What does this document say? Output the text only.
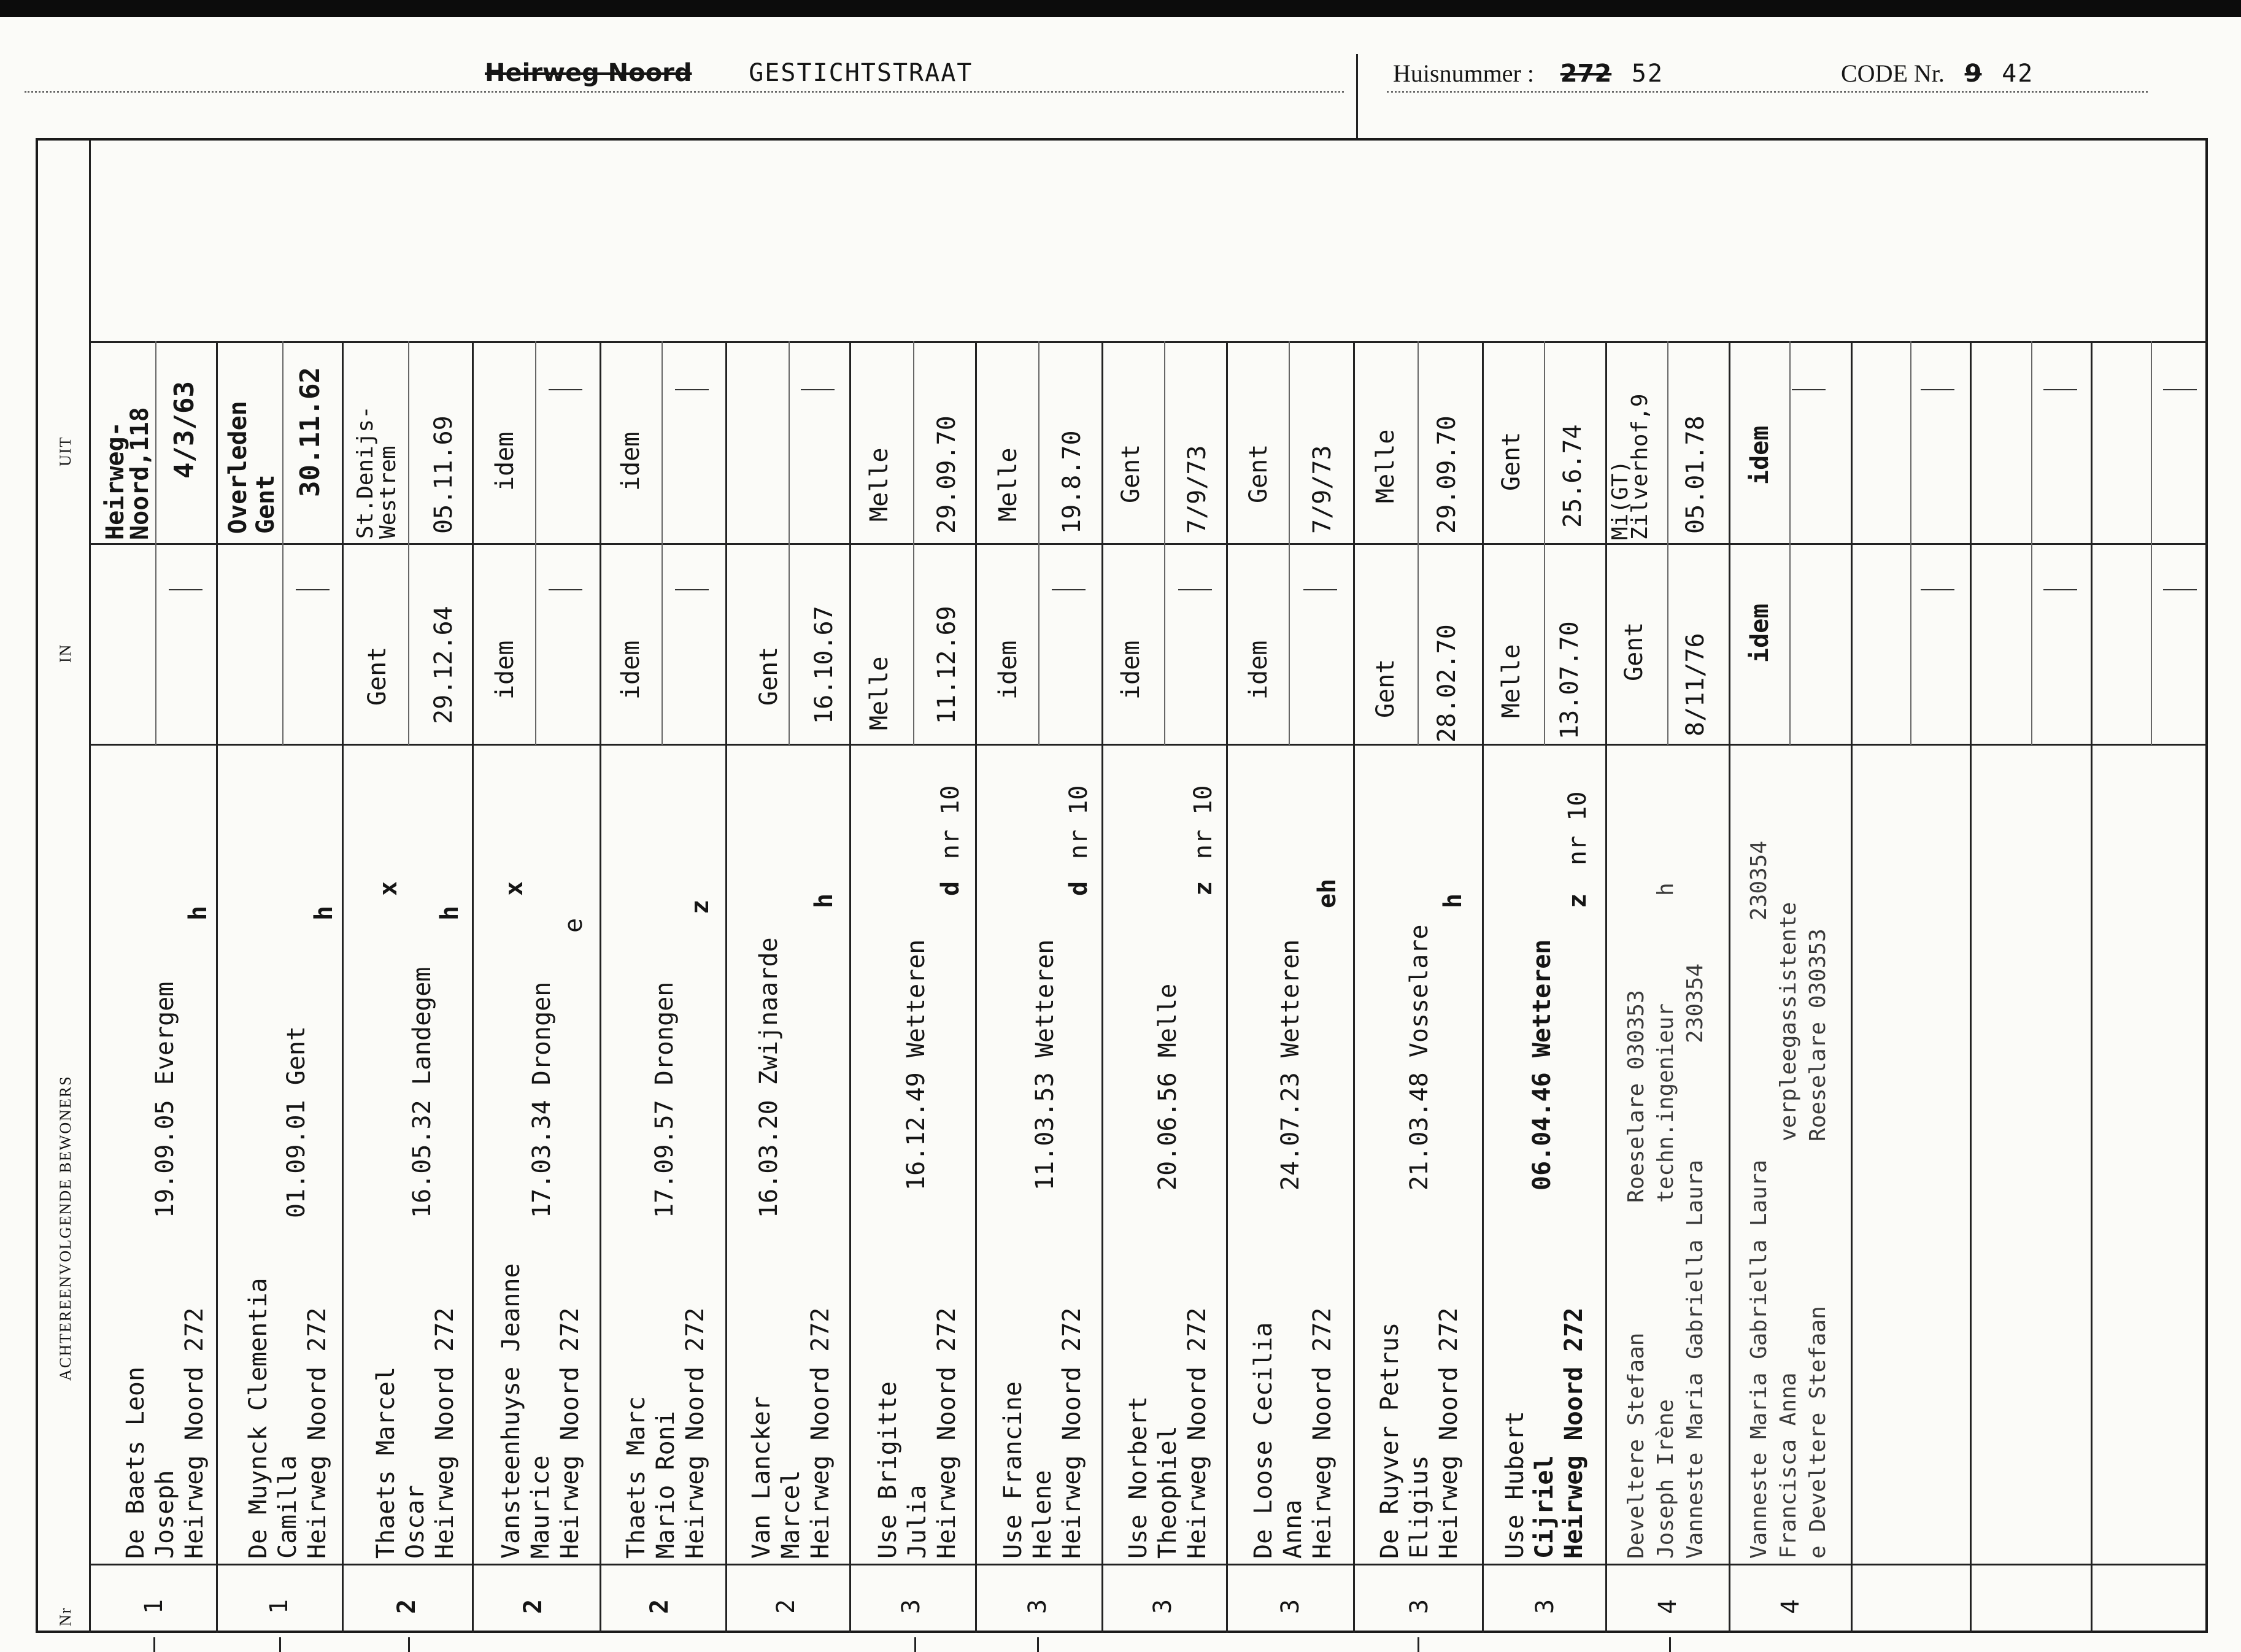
Heirweg Noord GESTICHTSTRAAT	Huisnummer : 272 52	CODE Nr. 9 42
Nr
ACHTEREENVOLGENDE BEWONERS
IN
UIT
1
De Baets Leon Joseph Heirweg Noord 272
19.09.05 Evergem
h
Heirweg-
Noord,118 4/3/63
1
De Muynck Clementia Camilla Heirweg Noord 272
01.09.01 Gent
h
Overleden Gent
30.11.62
2
Thaets Marcel Oscar Heirweg Noord 272
16.05.32 Landegem
x
h
Gent 29.12.64
St.Denijs-
Westrem 05.11.69
2
Vansteenhuyse Jeanne Maurice Heirweg Noord 272
17.03.34 Drongen
x
e
idem
idem
2
Thaets Marc Mario Roni Heirweg Noord 272
17.09.57 Drongen
z
idem
idem
2
Van Lancker Marcel Heirweg Noord 272
16.03.20 Zwijnaarde
h
Gent 16.10.67
3
Use Brigitte Julia Heirweg Noord 272
16.12.49 Wetteren
d
nr 10
Melle 11.12.69
Melle 29.09.70
3
Use Francine Helene Heirweg Noord 272
11.03.53 Wetteren
d
nr 10
idem
Melle 19.8.70
3
Use Norbert Theophiel Heirweg Noord 272
20.06.56 Melle
z
nr 10
idem
Gent 7/9/73
3
De Loose Cecilia Anna Heirweg Noord 272
24.07.23 Wetteren
eh
idem
Gent 7/9/73
3
De Ruyver Petrus Eligius Heirweg Noord 272
21.03.48 Vosselare
h
Gent 28.02.70
Melle 29.09.70
3
Use Hubert Cijriel Heirweg Noord 272
06.04.46 Wetteren
z
nr 10
Melle 13.07.70
Gent 25.6.74
4
Develtere Stefaan Joseph Irène Vanneste Maria Gabriella Laura
Roeselare 030353 techn.ingenieur 230354
h
Gent 8/11/76
Mi(GT)
Zilverhof,9 05.01.78
4
Vanneste Maria Gabriella Laura Francisca Anna e Develtere Stefaan
230354
verpleegassistente Roeselare 030353
idem
idem
